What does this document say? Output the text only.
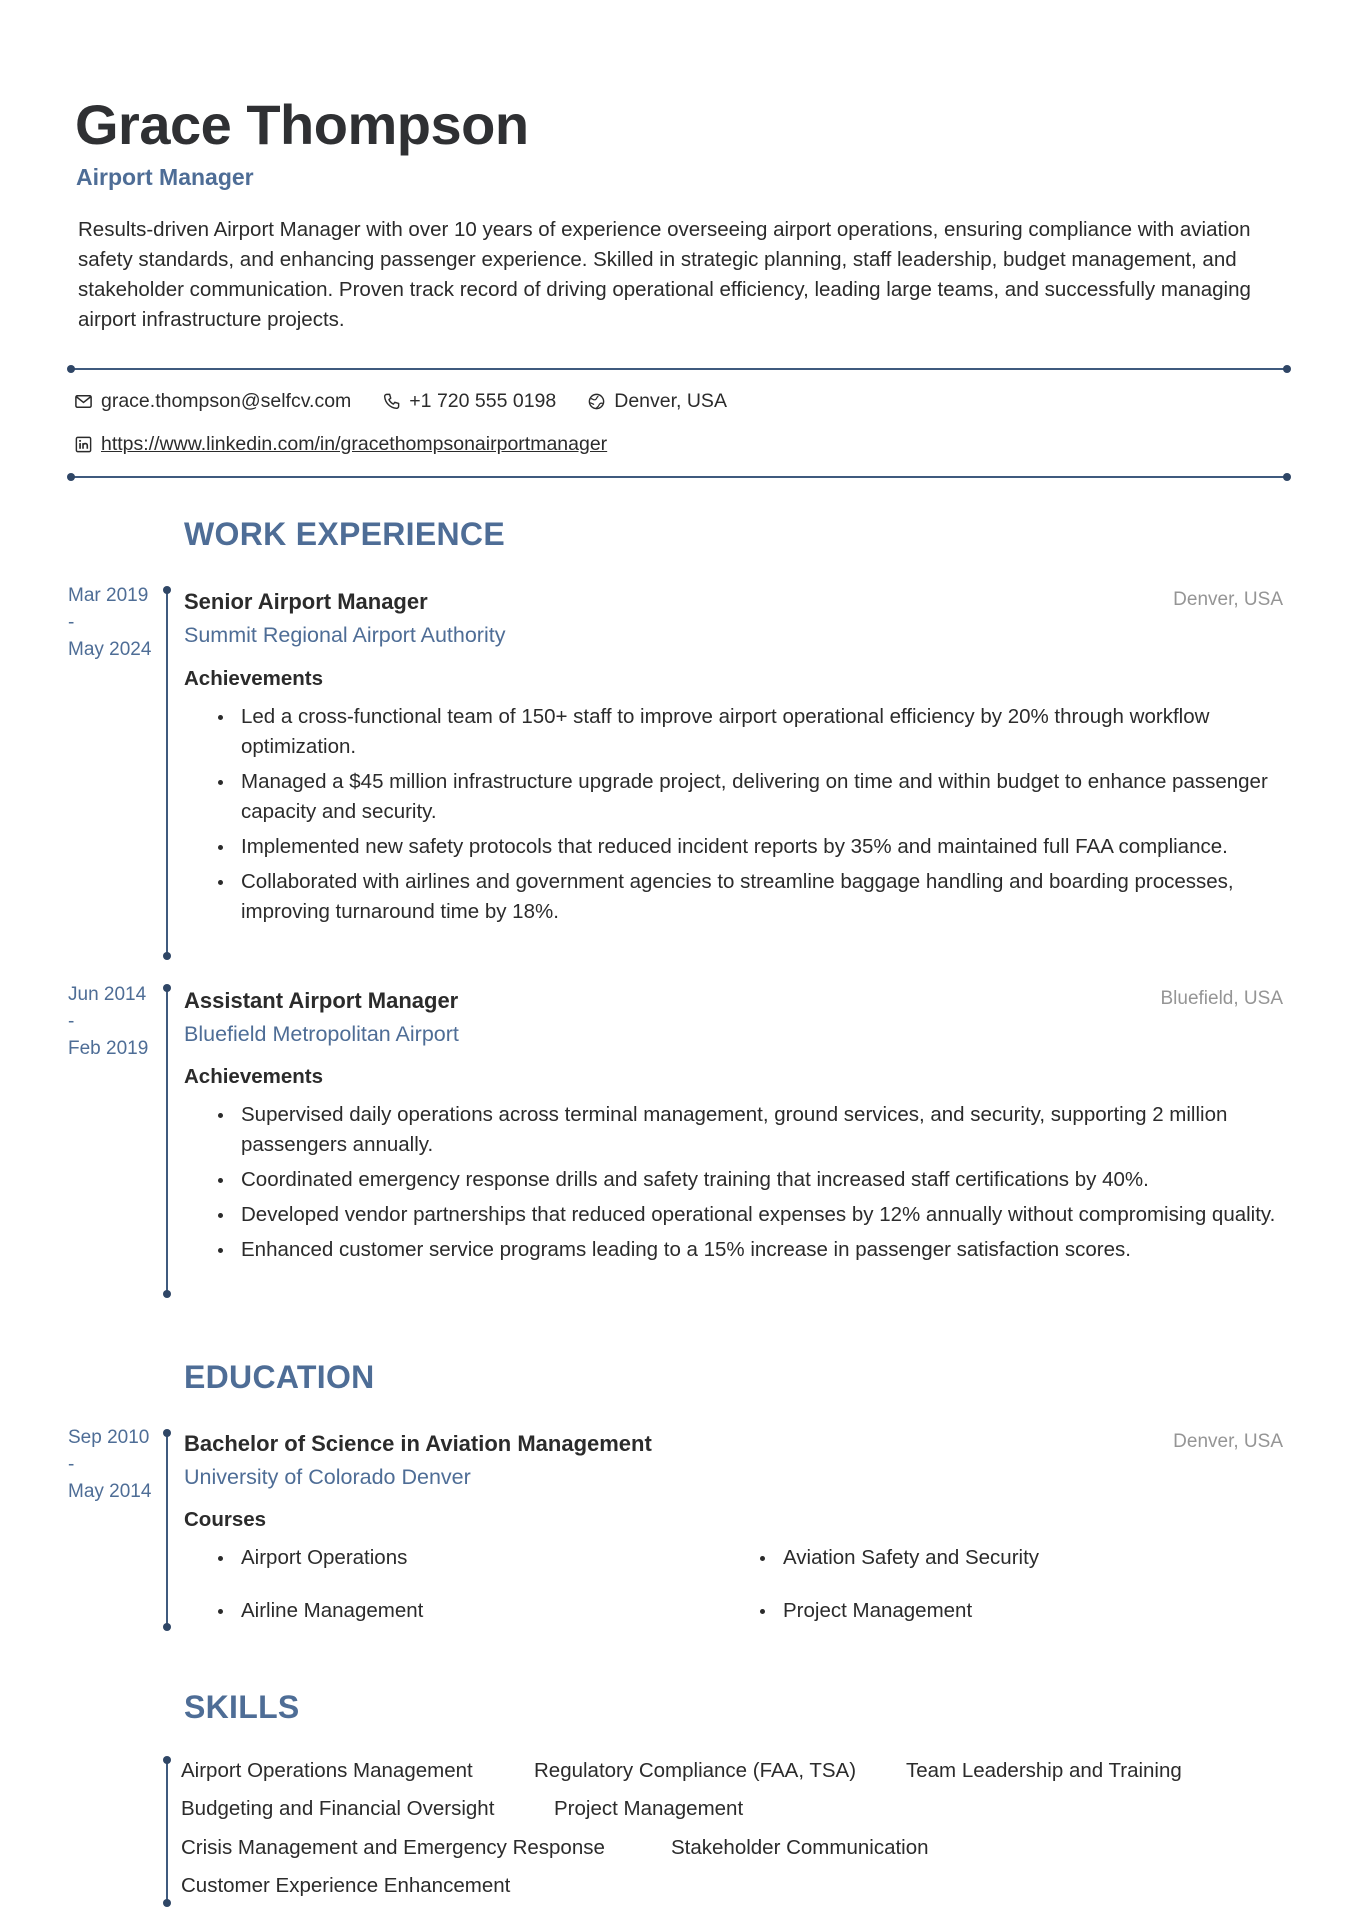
Grace Thompson
Airport Manager
Results-driven Airport Manager with over 10 years of experience overseeing airport operations, ensuring compliance with aviation safety standards, and enhancing passenger experience. Skilled in strategic planning, staff leadership, budget management, and stakeholder communication. Proven track record of driving operational efficiency, leading large teams, and successfully managing airport infrastructure projects.
grace.thompson@selfcv.com	+1 720 555 0198	Denver, USA
https://www.linkedin.com/in/gracethompsonairportmanager
WORK EXPERIENCE
Mar 2019
-
May 2024
Senior Airport Manager	Denver, USA
Summit Regional Airport Authority
Achievements
Led a cross-functional team of 150+ staff to improve airport operational efficiency by 20% through workflow optimization.
Managed a $45 million infrastructure upgrade project, delivering on time and within budget to enhance passenger capacity and security.
Implemented new safety protocols that reduced incident reports by 35% and maintained full FAA compliance.
Collaborated with airlines and government agencies to streamline baggage handling and boarding processes, improving turnaround time by 18%.
Jun 2014
-
Feb 2019
Assistant Airport Manager	Bluefield, USA
Bluefield Metropolitan Airport
Achievements
Supervised daily operations across terminal management, ground services, and security, supporting 2 million passengers annually.
Coordinated emergency response drills and safety training that increased staff certifications by 40%.
Developed vendor partnerships that reduced operational expenses by 12% annually without compromising quality.
Enhanced customer service programs leading to a 15% increase in passenger satisfaction scores.
EDUCATION
Sep 2010
-
May 2014
Bachelor of Science in Aviation Management	Denver, USA
University of Colorado Denver
Courses
Airport Operations	Aviation Safety and Security
Airline Management	Project Management
SKILLS
Airport Operations Management	Regulatory Compliance (FAA, TSA) Team Leadership and Training
Budgeting and Financial Oversight	Project Management
Crisis Management and Emergency Response	Stakeholder Communication
Customer Experience Enhancement
